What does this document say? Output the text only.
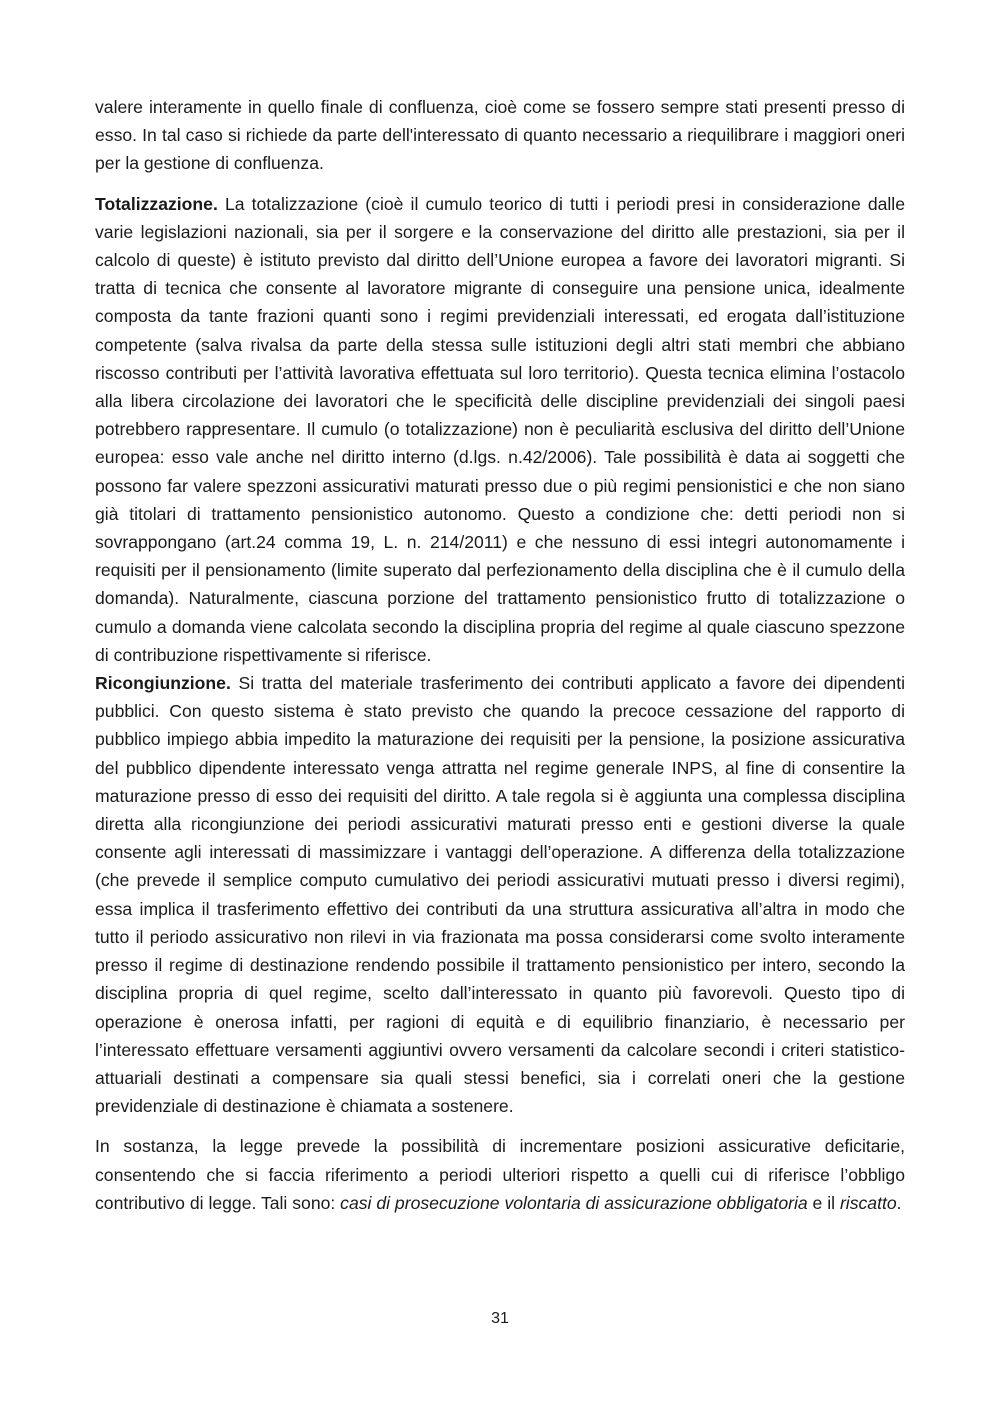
valere interamente in quello finale di confluenza, cioè come se fossero sempre stati presenti presso di esso. In tal caso si richiede da parte dell'interessato di quanto necessario a riequilibrare i maggiori oneri per la gestione di confluenza.

Totalizzazione. La totalizzazione (cioè il cumulo teorico di tutti i periodi presi in considerazione dalle varie legislazioni nazionali, sia per il sorgere e la conservazione del diritto alle prestazioni, sia per il calcolo di queste) è istituto previsto dal diritto dell’Unione europea a favore dei lavoratori migranti. Si tratta di tecnica che consente al lavoratore migrante di conseguire una pensione unica, idealmente composta da tante frazioni quanti sono i regimi previdenziali interessati, ed erogata dall’istituzione competente (salva rivalsa da parte della stessa sulle istituzioni degli altri stati membri che abbiano riscosso contributi per l’attività lavorativa effettuata sul loro territorio). Questa tecnica elimina l’ostacolo alla libera circolazione dei lavoratori che le specificità delle discipline previdenziali dei singoli paesi potrebbero rappresentare. Il cumulo (o totalizzazione) non è peculiarità esclusiva del diritto dell’Unione europea: esso vale anche nel diritto interno (d.lgs. n.42/2006). Tale possibilità è data ai soggetti che possono far valere spezzoni assicurativi maturati presso due o più regimi pensionistici e che non siano già titolari di trattamento pensionistico autonomo. Questo a condizione che: detti periodi non si sovrappongano (art.24 comma 19, L. n. 214/2011) e che nessuno di essi integri autonomamente i requisiti per il pensionamento (limite superato dal perfezionamento della disciplina che è il cumulo della domanda). Naturalmente, ciascuna porzione del trattamento pensionistico frutto di totalizzazione o cumulo a domanda viene calcolata secondo la disciplina propria del regime al quale ciascuno spezzone di contribuzione rispettivamente si riferisce.

Ricongiunzione. Si tratta del materiale trasferimento dei contributi applicato a favore dei dipendenti pubblici. Con questo sistema è stato previsto che quando la precoce cessazione del rapporto di pubblico impiego abbia impedito la maturazione dei requisiti per la pensione, la posizione assicurativa del pubblico dipendente interessato venga attratta nel regime generale INPS, al fine di consentire la maturazione presso di esso dei requisiti del diritto. A tale regola si è aggiunta una complessa disciplina diretta alla ricongiunzione dei periodi assicurativi maturati presso enti e gestioni diverse la quale consente agli interessati di massimizzare i vantaggi dell’operazione. A differenza della totalizzazione (che prevede il semplice computo cumulativo dei periodi assicurativi mutuati presso i diversi regimi), essa implica il trasferimento effettivo dei contributi da una struttura assicurativa all’altra in modo che tutto il periodo assicurativo non rilevi in via frazionata ma possa considerarsi come svolto interamente presso il regime di destinazione rendendo possibile il trattamento pensionistico per intero, secondo la disciplina propria di quel regime, scelto dall’interessato in quanto più favorevoli. Questo tipo di operazione è onerosa infatti, per ragioni di equità e di equilibrio finanziario, è necessario per l’interessato effettuare versamenti aggiuntivi ovvero versamenti da calcolare secondi i criteri statistico-attuariali destinati a compensare sia quali stessi benefici, sia i correlati oneri che la gestione previdenziale di destinazione è chiamata a sostenere.

In sostanza, la legge prevede la possibilità di incrementare posizioni assicurative deficitarie, consentendo che si faccia riferimento a periodi ulteriori rispetto a quelli cui di riferisce l’obbligo contributivo di legge. Tali sono: casi di prosecuzione volontaria di assicurazione obbligatoria e il riscatto.

31
